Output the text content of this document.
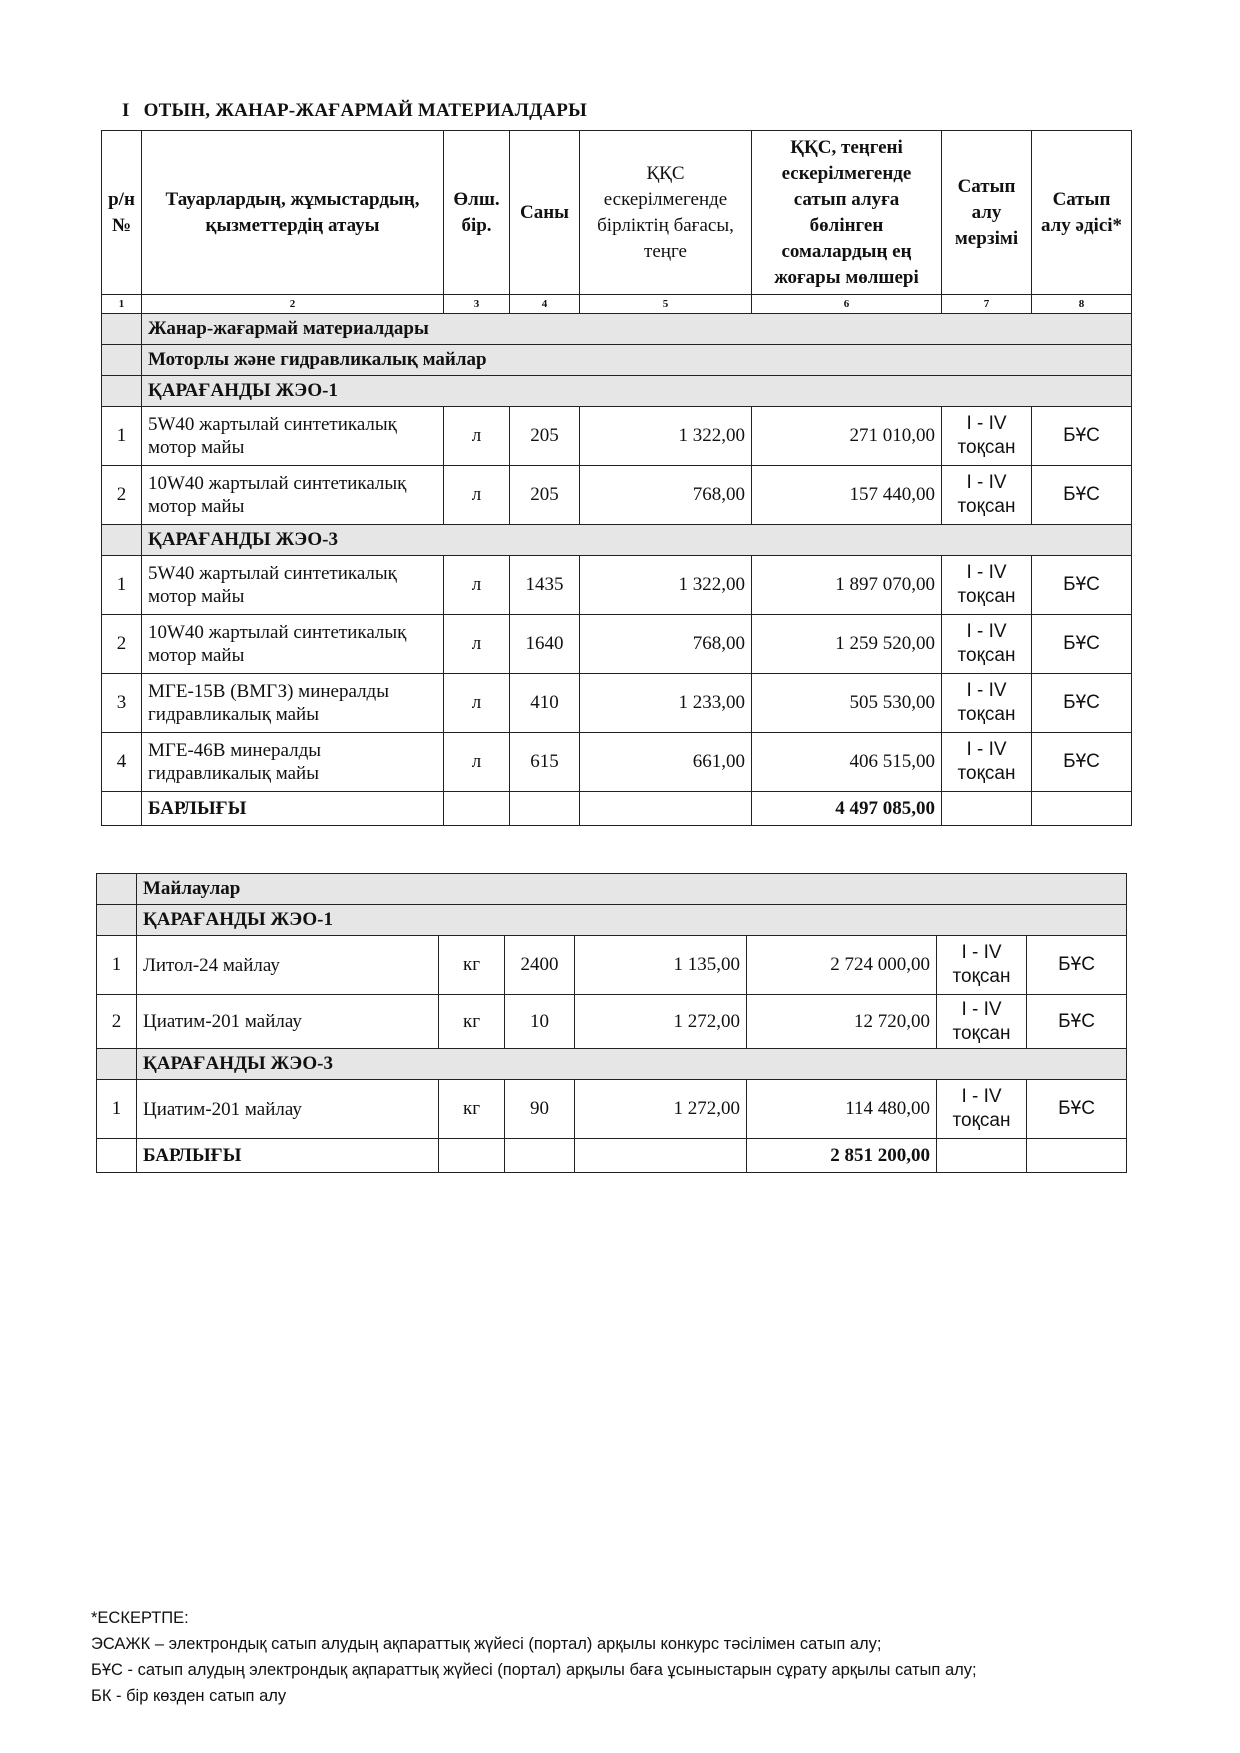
I ОТЫН, ЖАНАР-ЖАҒАРМАЙ МАТЕРИАЛДАРЫ
р/н №	Тауарлардың, жұмыстардың, қызметтердің атауы	Өлш. бір.	Саны	ҚҚС ескерілмегенде бірліктің бағасы, теңге	ҚҚС, теңгені ескерілмегенде сатып алуға бөлінген сомалардың ең жоғары мөлшері	Сатып алу мерзімі	Сатып алу әдісі*
1	2	3	4	5	6	7	8
	Жанар-жағармай материалдары						
	Моторлы және гидравликалық майлар						
	ҚАРАҒАНДЫ ЖЭО-1						
1	5W40 жартылай синтетикалық мотор майы	л	205	1 322,00	271 010,00	I - IV тоқсан	БҰС
2	10W40 жартылай синтетикалық мотор майы	л	205	768,00	157 440,00	I - IV тоқсан	БҰС
	ҚАРАҒАНДЫ ЖЭО-3						
1	5W40 жартылай синтетикалық мотор майы	л	1435	1 322,00	1 897 070,00	I - IV тоқсан	БҰС
2	10W40 жартылай синтетикалық мотор майы	л	1640	768,00	1 259 520,00	I - IV тоқсан	БҰС
3	МГЕ-15В (ВМГЗ) минералды гидравликалық майы	л	410	1 233,00	505 530,00	I - IV тоқсан	БҰС
4	МГЕ-46В минералды гидравликалық майы	л	615	661,00	406 515,00	I - IV тоқсан	БҰС
	БАРЛЫҒЫ				4 497 085,00		
	Майлаулар						
	ҚАРАҒАНДЫ ЖЭО-1						
1	Литол-24 майлау	кг	2400	1 135,00	2 724 000,00	I - IV тоқсан	БҰС
2	Циатим-201 майлау	кг	10	1 272,00	12 720,00	I - IV тоқсан	БҰС
	ҚАРАҒАНДЫ ЖЭО-3						
1	Циатим-201 майлау	кг	90	1 272,00	114 480,00	I - IV тоқсан	БҰС
	БАРЛЫҒЫ				2 851 200,00		
*ЕСКЕРТПЕ:
ЭСАЖК – электрондық сатып алудың ақпараттық жүйесі (портал) арқылы конкурс тәсілімен сатып алу;
БҰС - сатып алудың электрондық ақпараттық жүйесі (портал) арқылы баға ұсыныстарын сұрату арқылы сатып алу;
БК - бір көзден сатып алу
